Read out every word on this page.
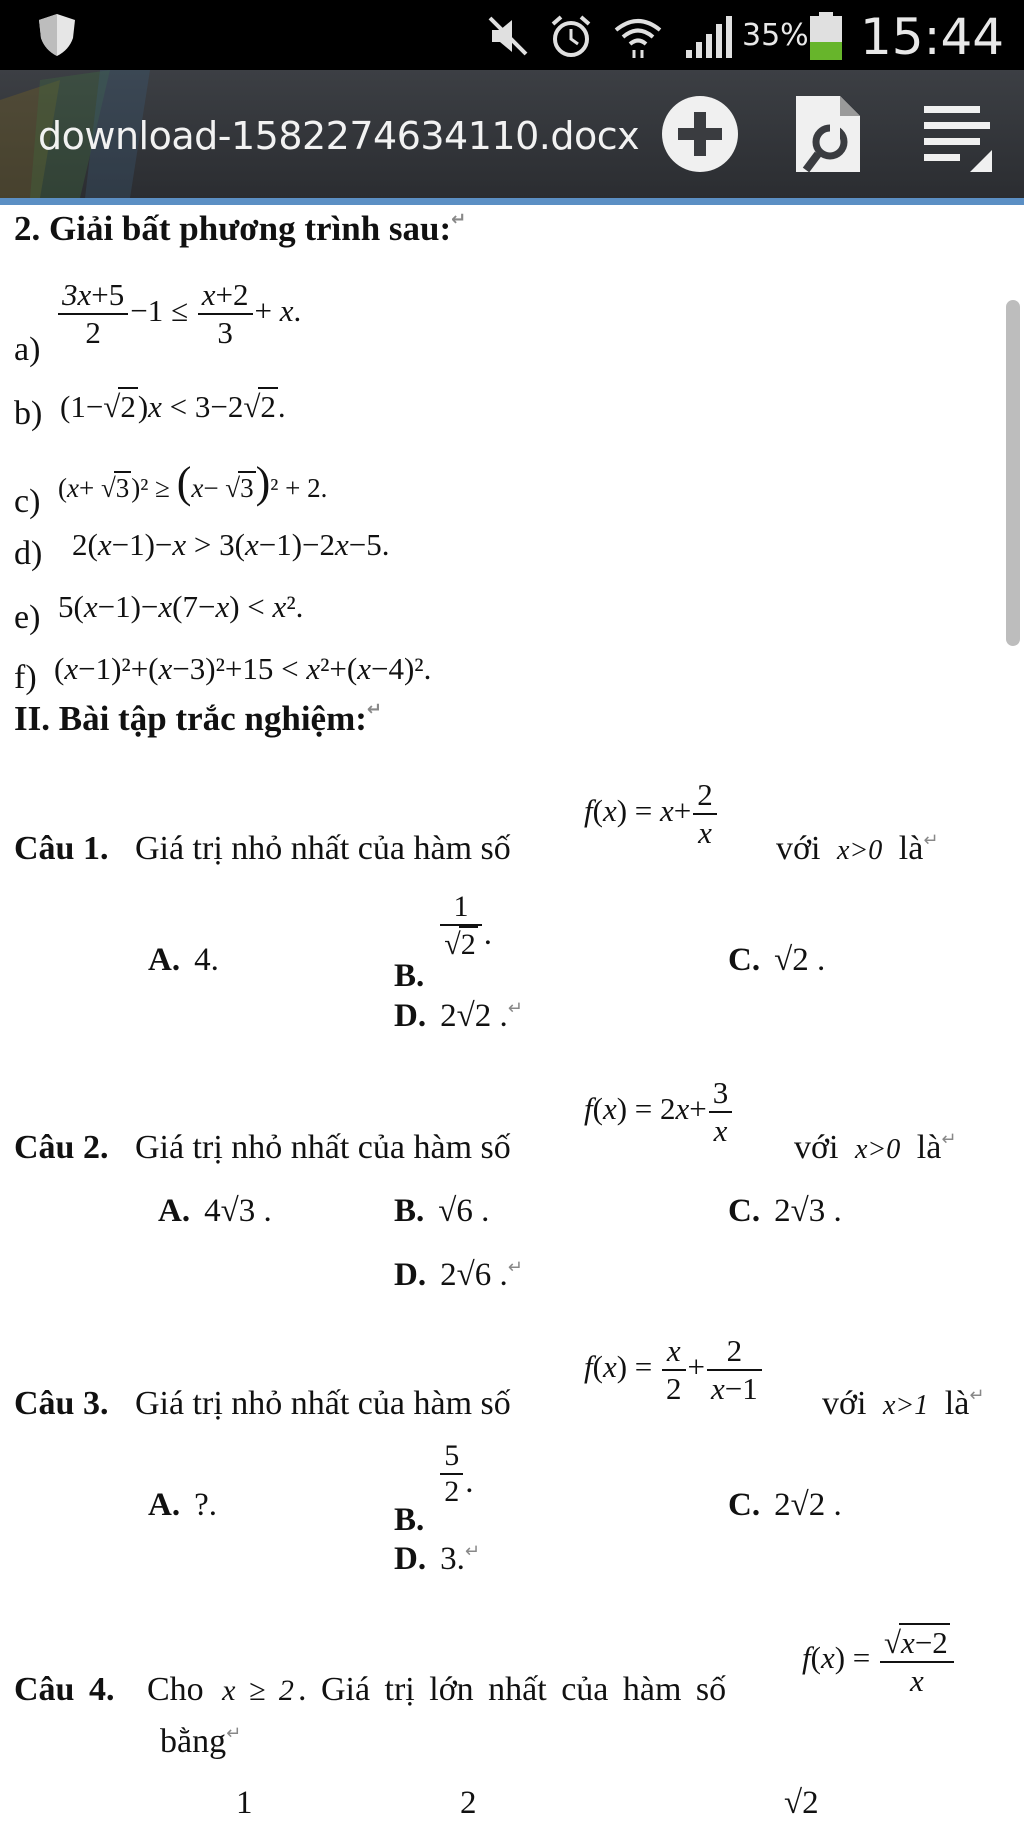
35% 15:44
download-1582274634110.docx
2. Giải bất phương trình sau:↵
$a) \frac{3x+5}{2} -1 \le \frac{x+2}{3} + x$.
b) (1−√2)x < 3−2√2.
c) (x+ √3)² ≥ (x− √3)² + 2.
d) 2(x−1)−x > 3(x−1)−2x−5.
e) 5(x−1)−x(7−x) < x².
f) (x−1)²+(x−3)²+15 < x²+(x−4)².
II. Bài tập trắc nghiệm:↵
Câu 1. Giá trị nhỏ nhất của hàm số
$f(x) = x+ \frac{2}{x}$ với x>0 là↵
A. 4.	B.
$\frac{1}{√2}$ .
C. √2 .
D. 2√2 .↵
Câu 2. Giá trị nhỏ nhất của hàm số
$f(x) = 2x+ \frac{3}{x}$ với x>0 là↵
A. 4√3 .	B. √6 .	C. 2√3 .
D. 2√6 .↵
Câu 3. Giá trị nhỏ nhất của hàm số
$f(x) = \frac{x}{2} + \frac{2}{x-1}$ với x>1 là↵
A. ?.	B.
$\frac{5}{2}$ .
C. 2√2 .
D. 3.↵
Câu 4. Cho x ≥ 2 . Giá trị lớn nhất của hàm số
$f(x) = \frac{√x-2}{x}$
bằng↵
1	2	√2
